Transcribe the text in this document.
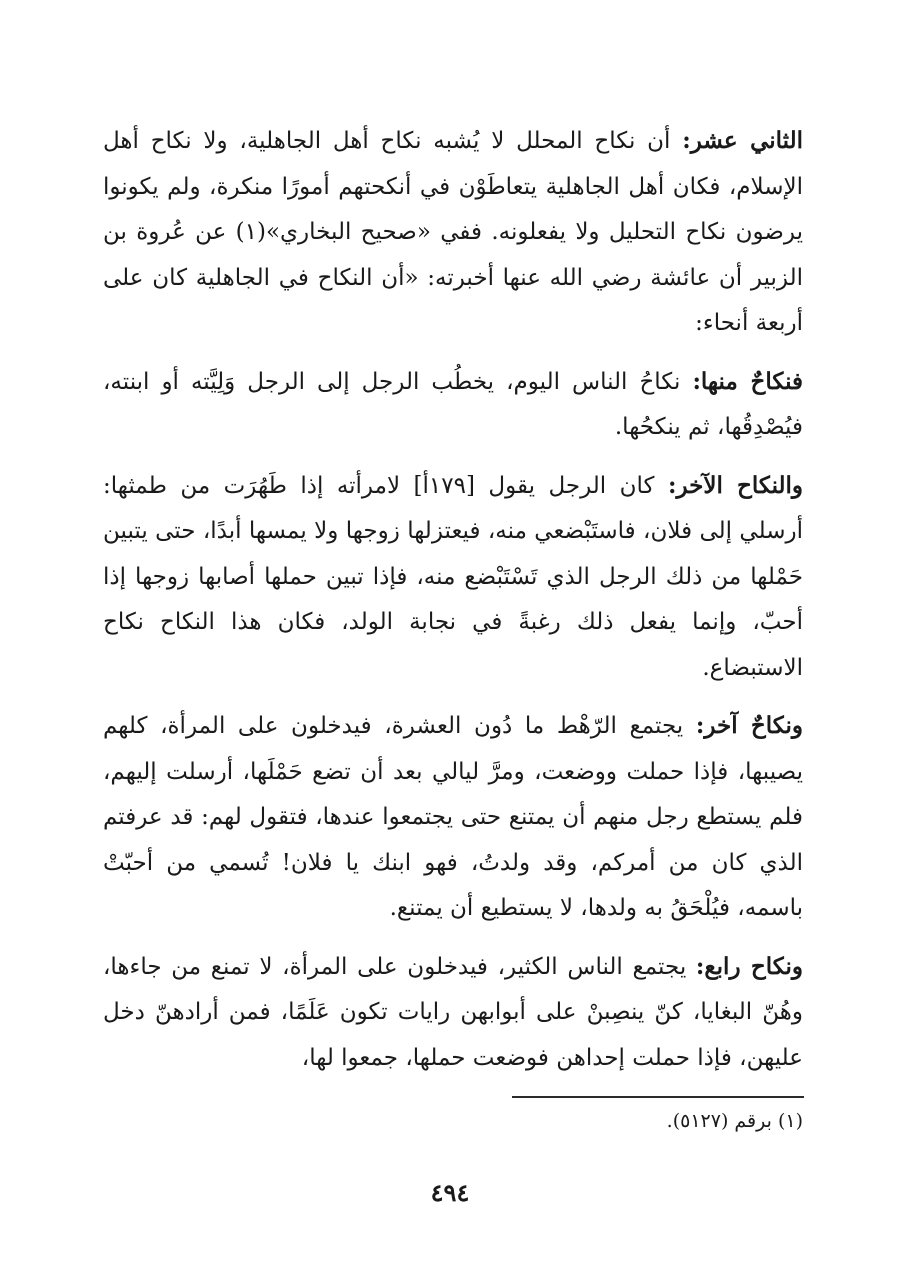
الثاني عشر: أن نكاح المحلل لا يُشبه نكاح أهل الجاهلية، ولا نكاح أهل الإسلام، فكان أهل الجاهلية يتعاطَوْن في أنكحتهم أمورًا منكرة، ولم يكونوا يرضون نكاح التحليل ولا يفعلونه. ففي «صحيح البخاري»(١) عن عُروة بن الزبير أن عائشة رضي الله عنها أخبرته: «أن النكاح في الجاهلية كان على أربعة أنحاء:

فنكاحٌ منها: نكاحُ الناس اليوم، يخطُب الرجل إلى الرجل وَلِيَّته أو ابنته، فيُصْدِقُها، ثم ينكحُها.

والنكاح الآخر: كان الرجل يقول [١٧٩أ] لامرأته إذا طَهُرَت من طمثها: أرسلي إلى فلان، فاستَبْضعي منه، فيعتزلها زوجها ولا يمسها أبدًا، حتى يتبين حَمْلها من ذلك الرجل الذي تَسْتَبْضع منه، فإذا تبين حملها أصابها زوجها إذا أحبّ، وإنما يفعل ذلك رغبةً في نجابة الولد، فكان هذا النكاح نكاح الاستبضاع.

ونكاحٌ آخر: يجتمع الرّهْط ما دُون العشرة، فيدخلون على المرأة، كلهم يصيبها، فإذا حملت ووضعت، ومرَّ ليالي بعد أن تضع حَمْلَها، أرسلت إليهم، فلم يستطع رجل منهم أن يمتنع حتى يجتمعوا عندها، فتقول لهم: قد عرفتم الذي كان من أمركم، وقد ولدتُ، فهو ابنك يا فلان! تُسمي من أحبّتْ باسمه، فيُلْحَقُ به ولدها، لا يستطيع أن يمتنع.

ونكاح رابع: يجتمع الناس الكثير، فيدخلون على المرأة، لا تمنع من جاءها، وهُنّ البغايا، كنّ ينصِبنْ على أبوابهن رايات تكون عَلَمًا، فمن أرادهنّ دخل عليهن، فإذا حملت إحداهن فوضعت حملها، جمعوا لها،

(١) برقم (٥١٢٧).
٤٩٤
